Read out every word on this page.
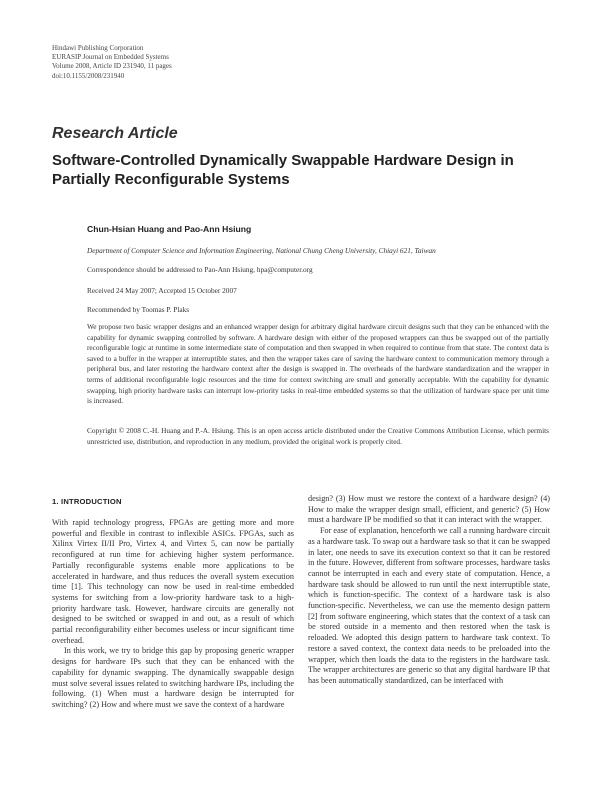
Hindawi Publishing Corporation
EURASIP Journal on Embedded Systems
Volume 2008, Article ID 231940, 11 pages
doi:10.1155/2008/231940
Research Article
Software-Controlled Dynamically Swappable Hardware Design in Partially Reconfigurable Systems
Chun-Hsian Huang and Pao-Ann Hsiung
Department of Computer Science and Information Engineering, National Chung Cheng University, Chiayi 621, Taiwan
Correspondence should be addressed to Pao-Ann Hsiung, hpa@computer.org
Received 24 May 2007; Accepted 15 October 2007
Recommended by Toomas P. Plaks
We propose two basic wrapper designs and an enhanced wrapper design for arbitrary digital hardware circuit designs such that they can be enhanced with the capability for dynamic swapping controlled by software. A hardware design with either of the proposed wrappers can thus be swapped out of the partially reconfigurable logic at runtime in some intermediate state of computation and then swapped in when required to continue from that state. The context data is saved to a buffer in the wrapper at interruptible states, and then the wrapper takes care of saving the hardware context to communication memory through a peripheral bus, and later restoring the hardware context after the design is swapped in. The overheads of the hardware standardization and the wrapper in terms of additional reconfigurable logic resources and the time for context switching are small and generally acceptable. With the capability for dynamic swapping, high priority hardware tasks can interrupt low-priority tasks in real-time embedded systems so that the utilization of hardware space per unit time is increased.
Copyright © 2008 C.-H. Huang and P.-A. Hsiung. This is an open access article distributed under the Creative Commons Attribution License, which permits unrestricted use, distribution, and reproduction in any medium, provided the original work is properly cited.
1. INTRODUCTION

With rapid technology progress, FPGAs are getting more and more powerful and flexible in contrast to inflexible ASICs. FPGAs, such as Xilinx Virtex II/II Pro, Virtex 4, and Virtex 5, can now be partially reconfigured at run time for achieving higher system performance. Partially reconfigurable systems enable more applications to be accelerated in hardware, and thus reduces the overall system execution time [1]. This technology can now be used in real-time embedded systems for switching from a low-priority hardware task to a high-priority hardware task. However, hardware circuits are generally not designed to be switched or swapped in and out, as a result of which partial reconfigurability either becomes useless or incur significant time overhead.

In this work, we try to bridge this gap by proposing generic wrapper designs for hardware IPs such that they can be enhanced with the capability for dynamic swapping. The dynamically swappable design must solve several issues related to switching hardware IPs, including the following. (1) When must a hardware design be interrupted for switching? (2) How and where must we save the context of a hardware

design? (3) How must we restore the context of a hardware design? (4) How to make the wrapper design small, efficient, and generic? (5) How must a hardware IP be modified so that it can interact with the wrapper.

For ease of explanation, henceforth we call a running hardware circuit as a hardware task. To swap out a hardware task so that it can be swapped in later, one needs to save its execution context so that it can be restored in the future. However, different from software processes, hardware tasks cannot be interrupted in each and every state of computation. Hence, a hardware task should be allowed to run until the next interruptible state, which is function-specific. The context of a hardware task is also function-specific. Nevertheless, we can use the memento design pattern [2] from software engineering, which states that the context of a task can be stored outside in a memento and then restored when the task is reloaded. We adopted this design pattern to hardware task context. To restore a saved context, the context data needs to be preloaded into the wrapper, which then loads the data to the registers in the hardware task. The wrapper architectures are generic so that any digital hardware IP that has been automatically standardized, can be interfaced with
